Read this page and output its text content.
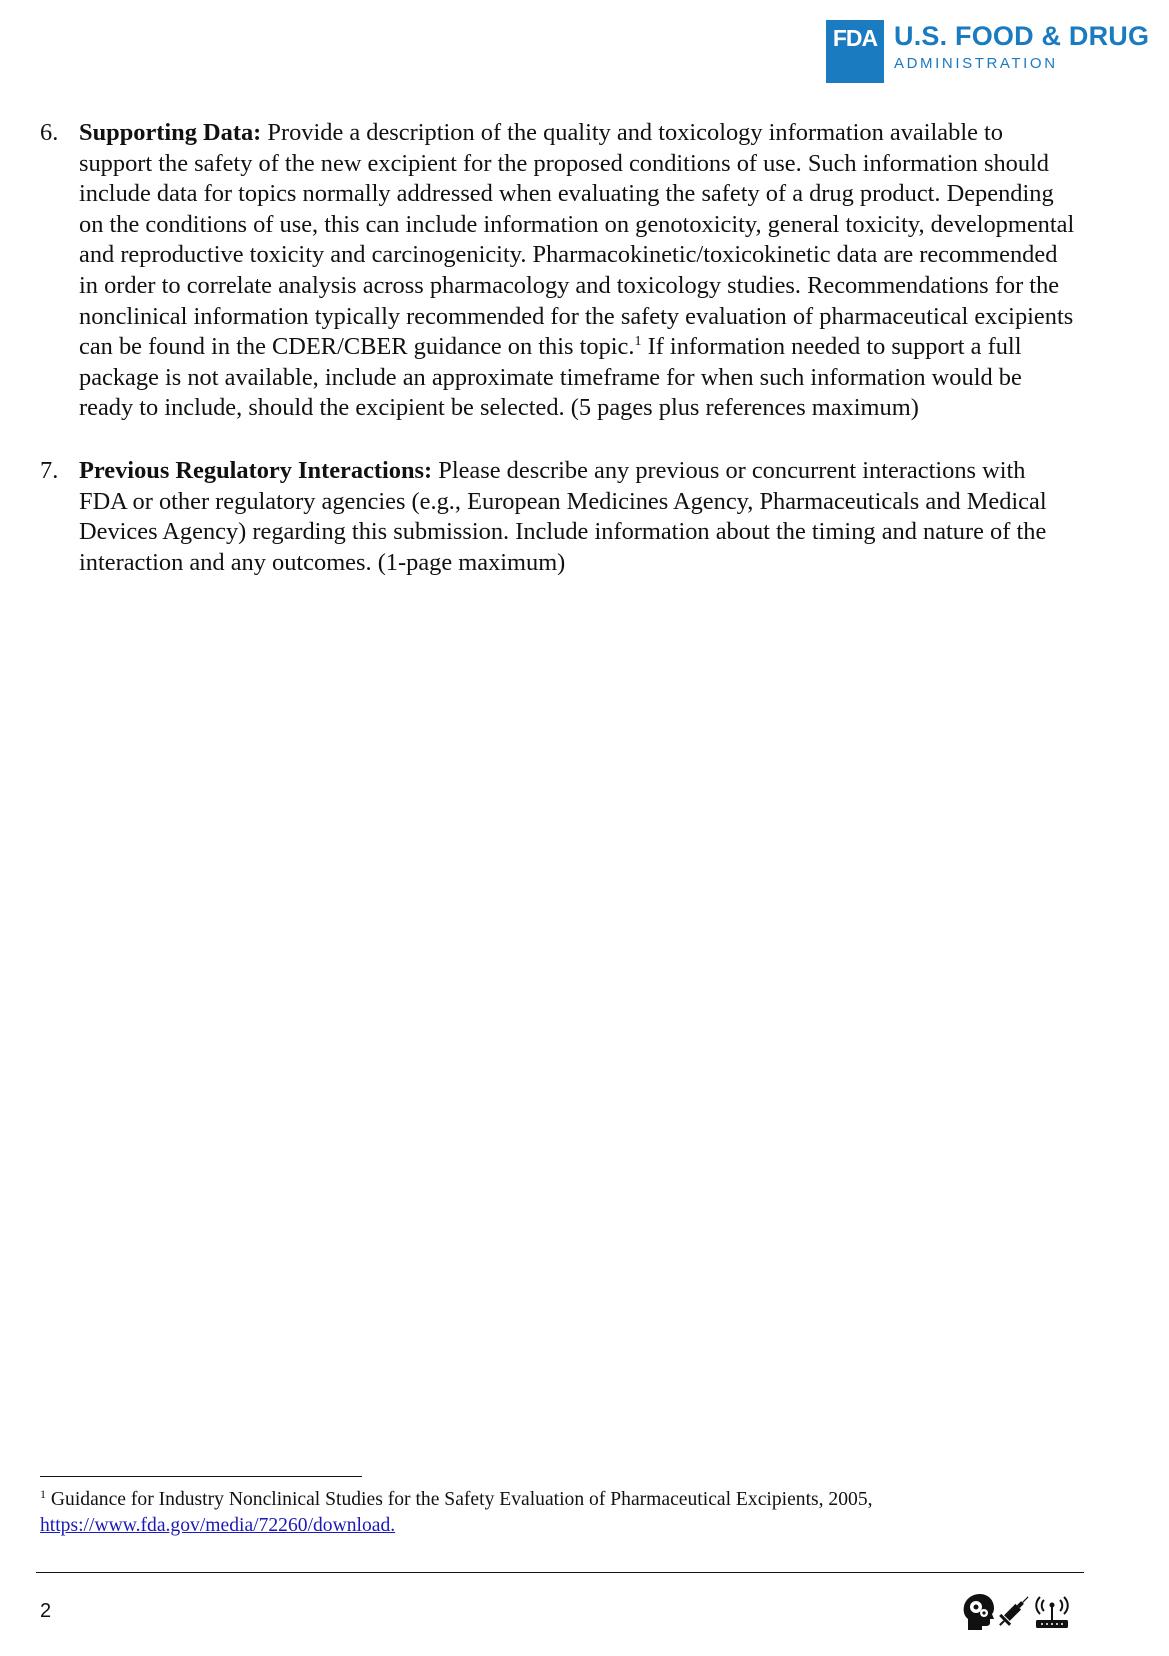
FDA U.S. FOOD & DRUG
ADMINISTRATION
6. Supporting Data: Provide a description of the quality and toxicology information available to support the safety of the new excipient for the proposed conditions of use. Such information should include data for topics normally addressed when evaluating the safety of a drug product. Depending on the conditions of use, this can include information on genotoxicity, general toxicity, developmental and reproductive toxicity and carcinogenicity. Pharmacokinetic/toxicokinetic data are recommended in order to correlate analysis across pharmacology and toxicology studies. Recommendations for the nonclinical information typically recommended for the safety evaluation of pharmaceutical excipients can be found in the CDER/CBER guidance on this topic.$^1$ If information needed to support a full package is not available, include an approximate timeframe for when such information would be ready to include, should the excipient be selected. (5 pages plus references maximum)
7. Previous Regulatory Interactions: Please describe any previous or concurrent interactions with FDA or other regulatory agencies (e.g., European Medicines Agency, Pharmaceuticals and Medical Devices Agency) regarding this submission. Include information about the timing and nature of the interaction and any outcomes. (1-page maximum)
$^1$ Guidance for Industry Nonclinical Studies for the Safety Evaluation of Pharmaceutical Excipients, 2005,
https://www.fda.gov/media/72260/download.
2
